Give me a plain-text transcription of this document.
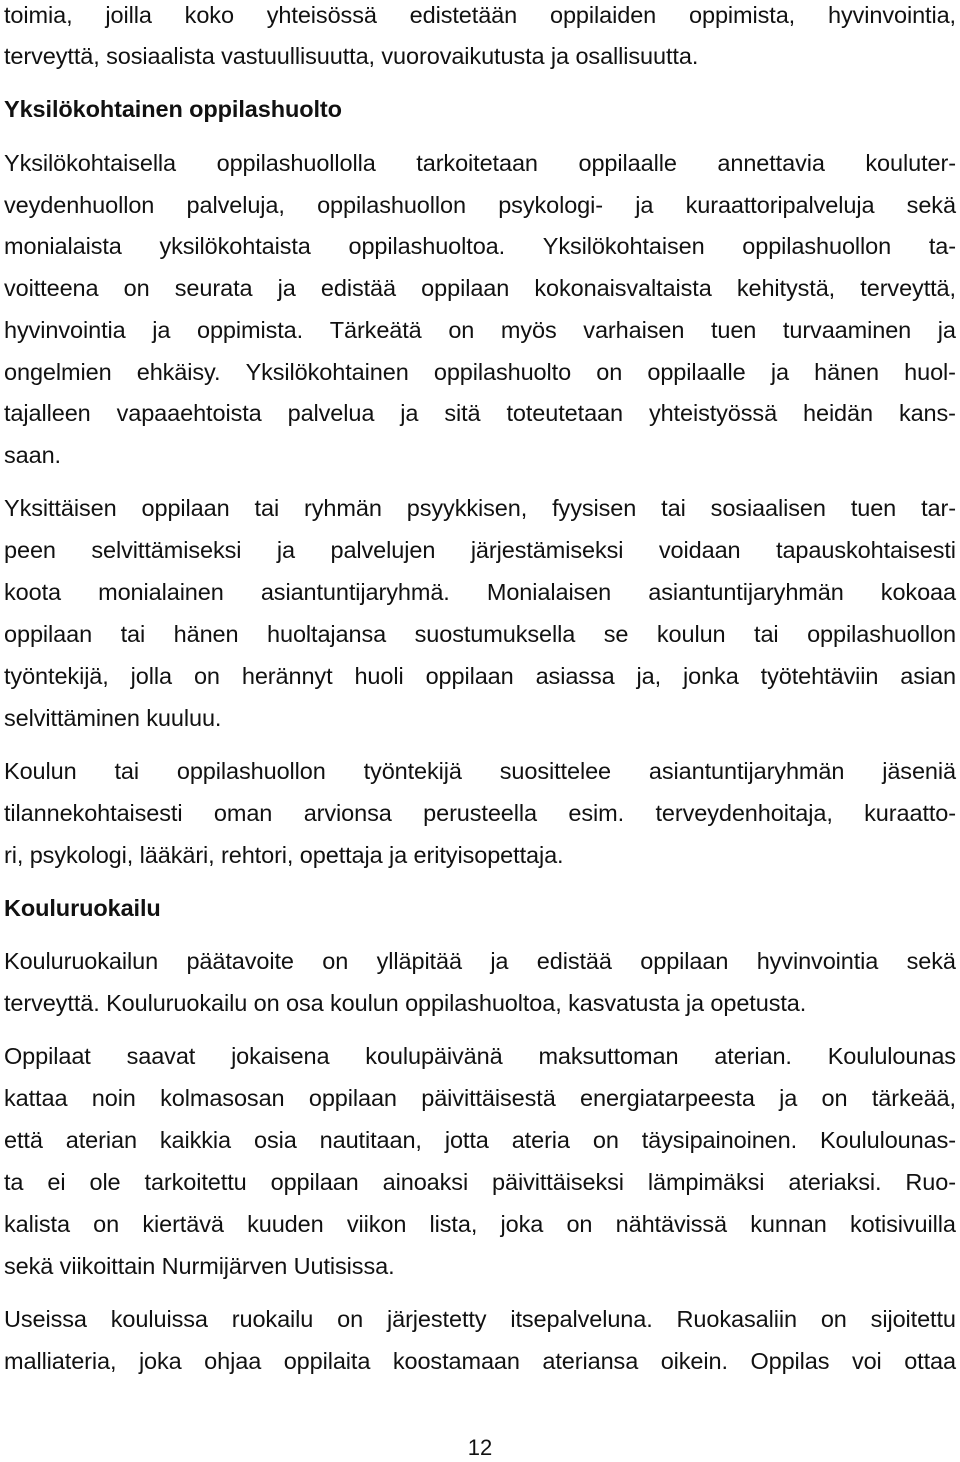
toimia, joilla koko yhteisössä edistetään oppilaiden oppimista, hyvinvointia,
terveyttä, sosiaalista vastuullisuutta, vuorovaikutusta ja osallisuutta.
Yksilökohtainen oppilashuolto
Yksilökohtaisella oppilashuollolla tarkoitetaan oppilaalle annettavia kouluter-
veydenhuollon palveluja, oppilashuollon psykologi- ja kuraattoripalveluja sekä
monialaista yksilökohtaista oppilashuoltoa. Yksilökohtaisen oppilashuollon ta-
voitteena on seurata ja edistää oppilaan kokonaisvaltaista kehitystä, terveyttä,
hyvinvointia ja oppimista. Tärkeätä on myös varhaisen tuen turvaaminen ja
ongelmien ehkäisy. Yksilökohtainen oppilashuolto on oppilaalle ja hänen huol-
tajalleen vapaaehtoista palvelua ja sitä toteutetaan yhteistyössä heidän kans-
saan.
Yksittäisen oppilaan tai ryhmän psyykkisen, fyysisen tai sosiaalisen tuen tar-
peen selvittämiseksi ja palvelujen järjestämiseksi voidaan tapauskohtaisesti
koota monialainen asiantuntijaryhmä. Monialaisen asiantuntijaryhmän kokoaa
oppilaan tai hänen huoltajansa suostumuksella se koulun tai oppilashuollon
työntekijä, jolla on herännyt huoli oppilaan asiassa ja, jonka työtehtäviin asian
selvittäminen kuuluu.
Koulun tai oppilashuollon työntekijä suosittelee asiantuntijaryhmän jäseniä
tilannekohtaisesti oman arvionsa perusteella esim. terveydenhoitaja, kuraatto-
ri, psykologi, lääkäri, rehtori, opettaja ja erityisopettaja.
Kouluruokailu
Kouluruokailun päätavoite on ylläpitää ja edistää oppilaan hyvinvointia sekä
terveyttä. Kouluruokailu on osa koulun oppilashuoltoa, kasvatusta ja opetusta.
Oppilaat saavat jokaisena koulupäivänä maksuttoman aterian. Koululounas
kattaa noin kolmasosan oppilaan päivittäisestä energiatarpeesta ja on tärkeää,
että aterian kaikkia osia nautitaan, jotta ateria on täysipainoinen. Koululounas-
ta ei ole tarkoitettu oppilaan ainoaksi päivittäiseksi lämpimäksi ateriaksi. Ruo-
kalista on kiertävä kuuden viikon lista, joka on nähtävissä kunnan kotisivuilla
sekä viikoittain Nurmijärven Uutisissa.
Useissa kouluissa ruokailu on järjestetty itsepalveluna. Ruokasaliin on sijoitettu
malliateria, joka ohjaa oppilaita koostamaan ateriansa oikein. Oppilas voi ottaa
12
